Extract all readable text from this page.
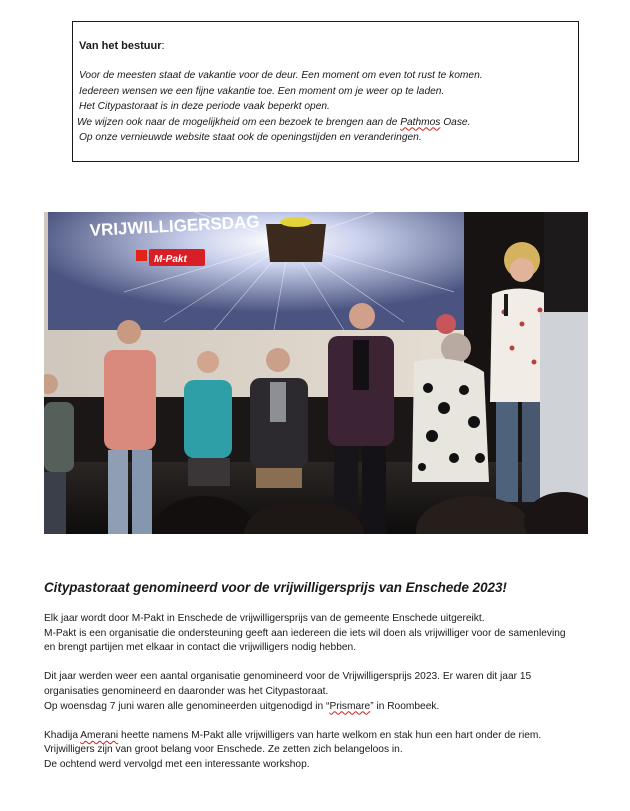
Van het bestuur:

Voor de meesten staat de vakantie voor de deur. Een moment om even tot rust te komen.

Iedereen wensen we een fijne vakantie toe. Een moment om je weer op te laden.

Het Citypastoraat is in deze periode vaak beperkt open.

We wijzen ook naar de mogelijkheid om een bezoek te brengen aan de Pathmos Oase.

Op onze vernieuwde website staat ook de openingstijden en veranderingen.

VRIJWILLIGERSDAG
M-Pakt
Citypastoraat genomineerd voor de vrijwilligersprijs van Enschede 2023!

Elk jaar wordt door M-Pakt in Enschede de vrijwilligersprijs van de gemeente Enschede uitgereikt.

M-Pakt is een organisatie die ondersteuning geeft aan iedereen die iets wil doen als vrijwilliger voor de samenleving

en brengt partijen met elkaar in contact die vrijwilligers nodig hebben.

Dit jaar werden weer een aantal organisatie genomineerd voor de Vrijwilligersprijs 2023. Er waren dit jaar 15

organisaties genomineerd en daaronder was het Citypastoraat.

Op woensdag 7 juni waren alle genomineerden uitgenodigd in “Prismare” in Roombeek.

Khadija Amerani heette namens M-Pakt alle vrijwilligers van harte welkom en stak hun een hart onder de riem.

Vrijwilligers zijn van groot belang voor Enschede. Ze zetten zich belangeloos in.

De ochtend werd vervolgd met een interessante workshop.
